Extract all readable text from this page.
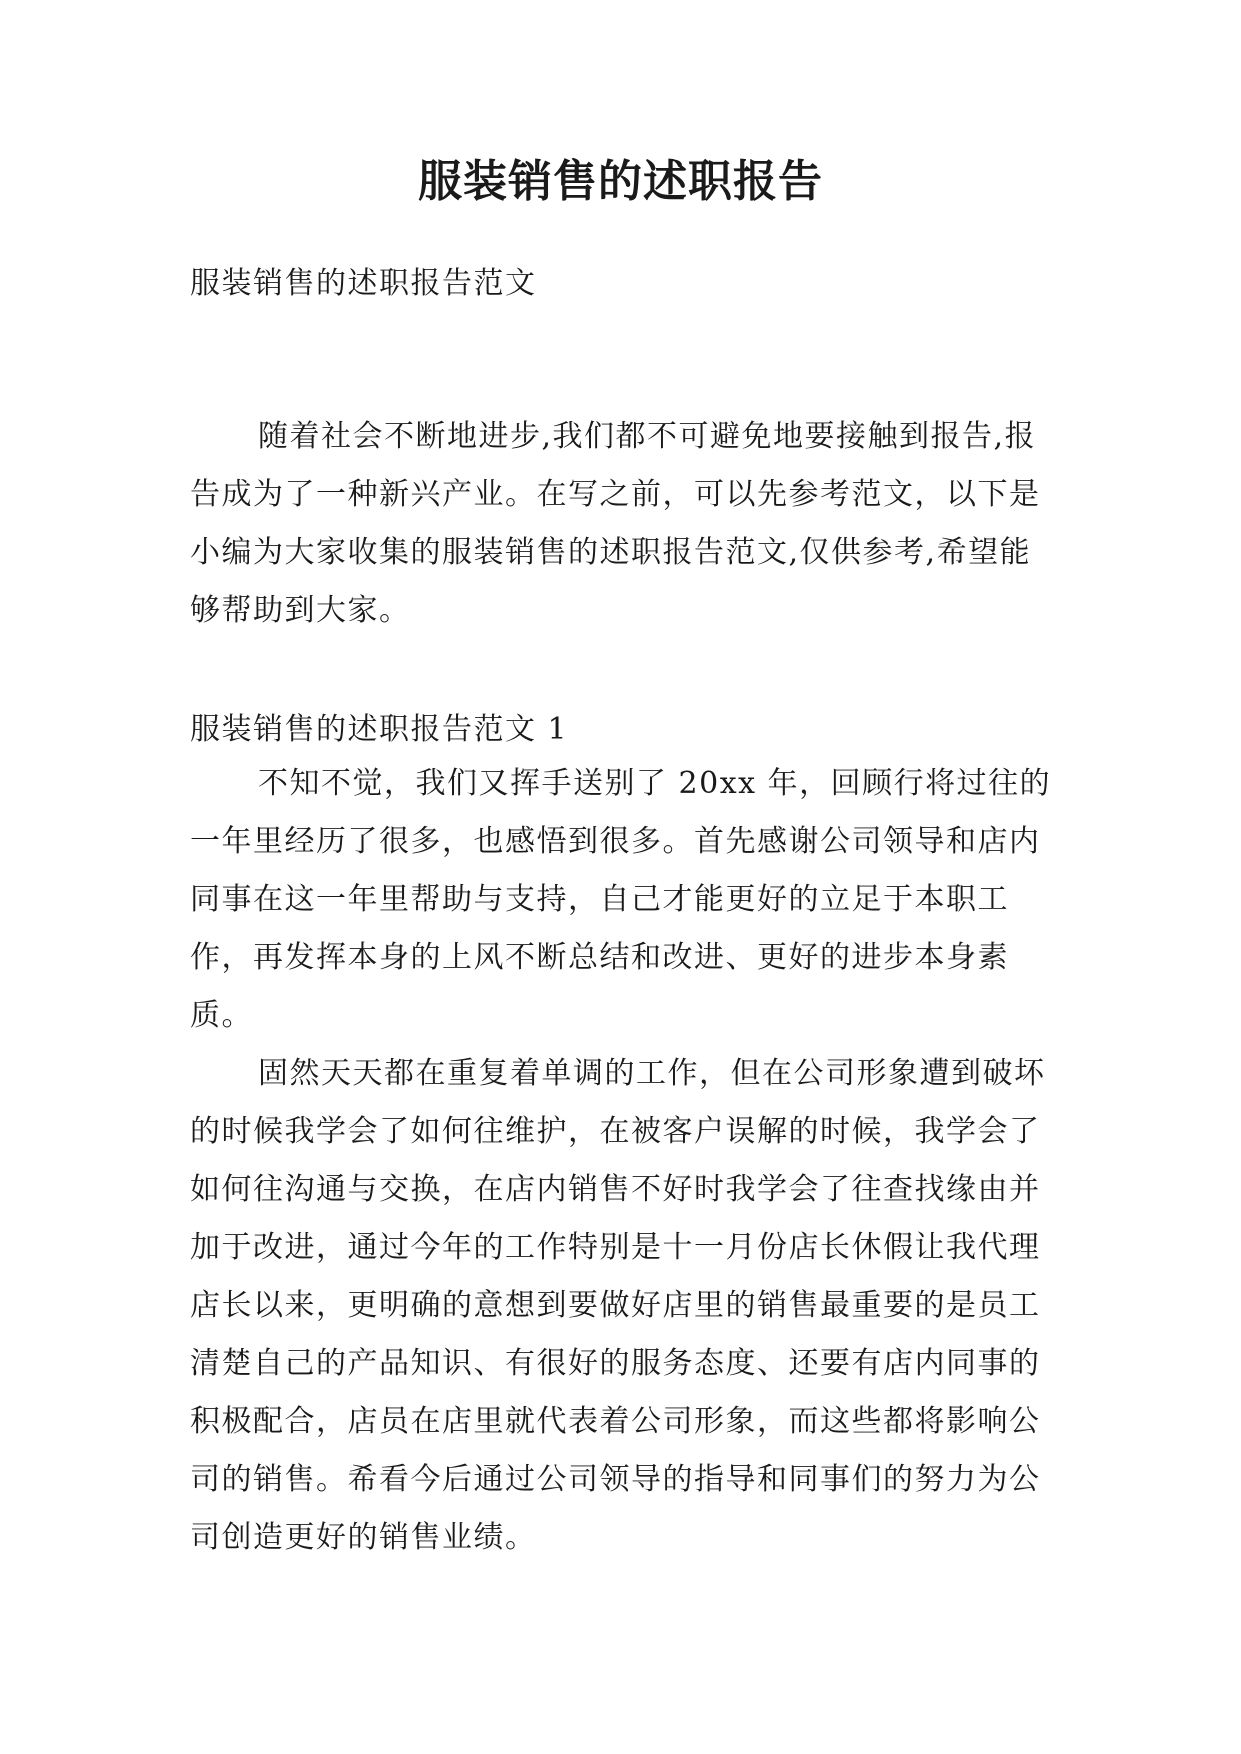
服装销售的述职报告

服装销售的述职报告范文

随着社会不断地进步,我们都不可避免地要接触到报告,报告成为了一种新兴产业。在写之前，可以先参考范文，以下是小编为大家收集的服装销售的述职报告范文,仅供参考,希望能够帮助到大家。

服装销售的述职报告范文 1

不知不觉，我们又挥手送别了 20xx 年，回顾行将过往的一年里经历了很多，也感悟到很多。首先感谢公司领导和店内同事在这一年里帮助与支持，自己才能更好的立足于本职工作，再发挥本身的上风不断总结和改进、更好的进步本身素质。

固然天天都在重复着单调的工作，但在公司形象遭到破坏的时候我学会了如何往维护，在被客户误解的时候，我学会了如何往沟通与交换，在店内销售不好时我学会了往查找缘由并加于改进，通过今年的工作特别是十一月份店长休假让我代理店长以来，更明确的意想到要做好店里的销售最重要的是员工清楚自己的产品知识、有很好的服务态度、还要有店内同事的积极配合，店员在店里就代表着公司形象，而这些都将影响公司的销售。希看今后通过公司领导的指导和同事们的努力为公司创造更好的销售业绩。
